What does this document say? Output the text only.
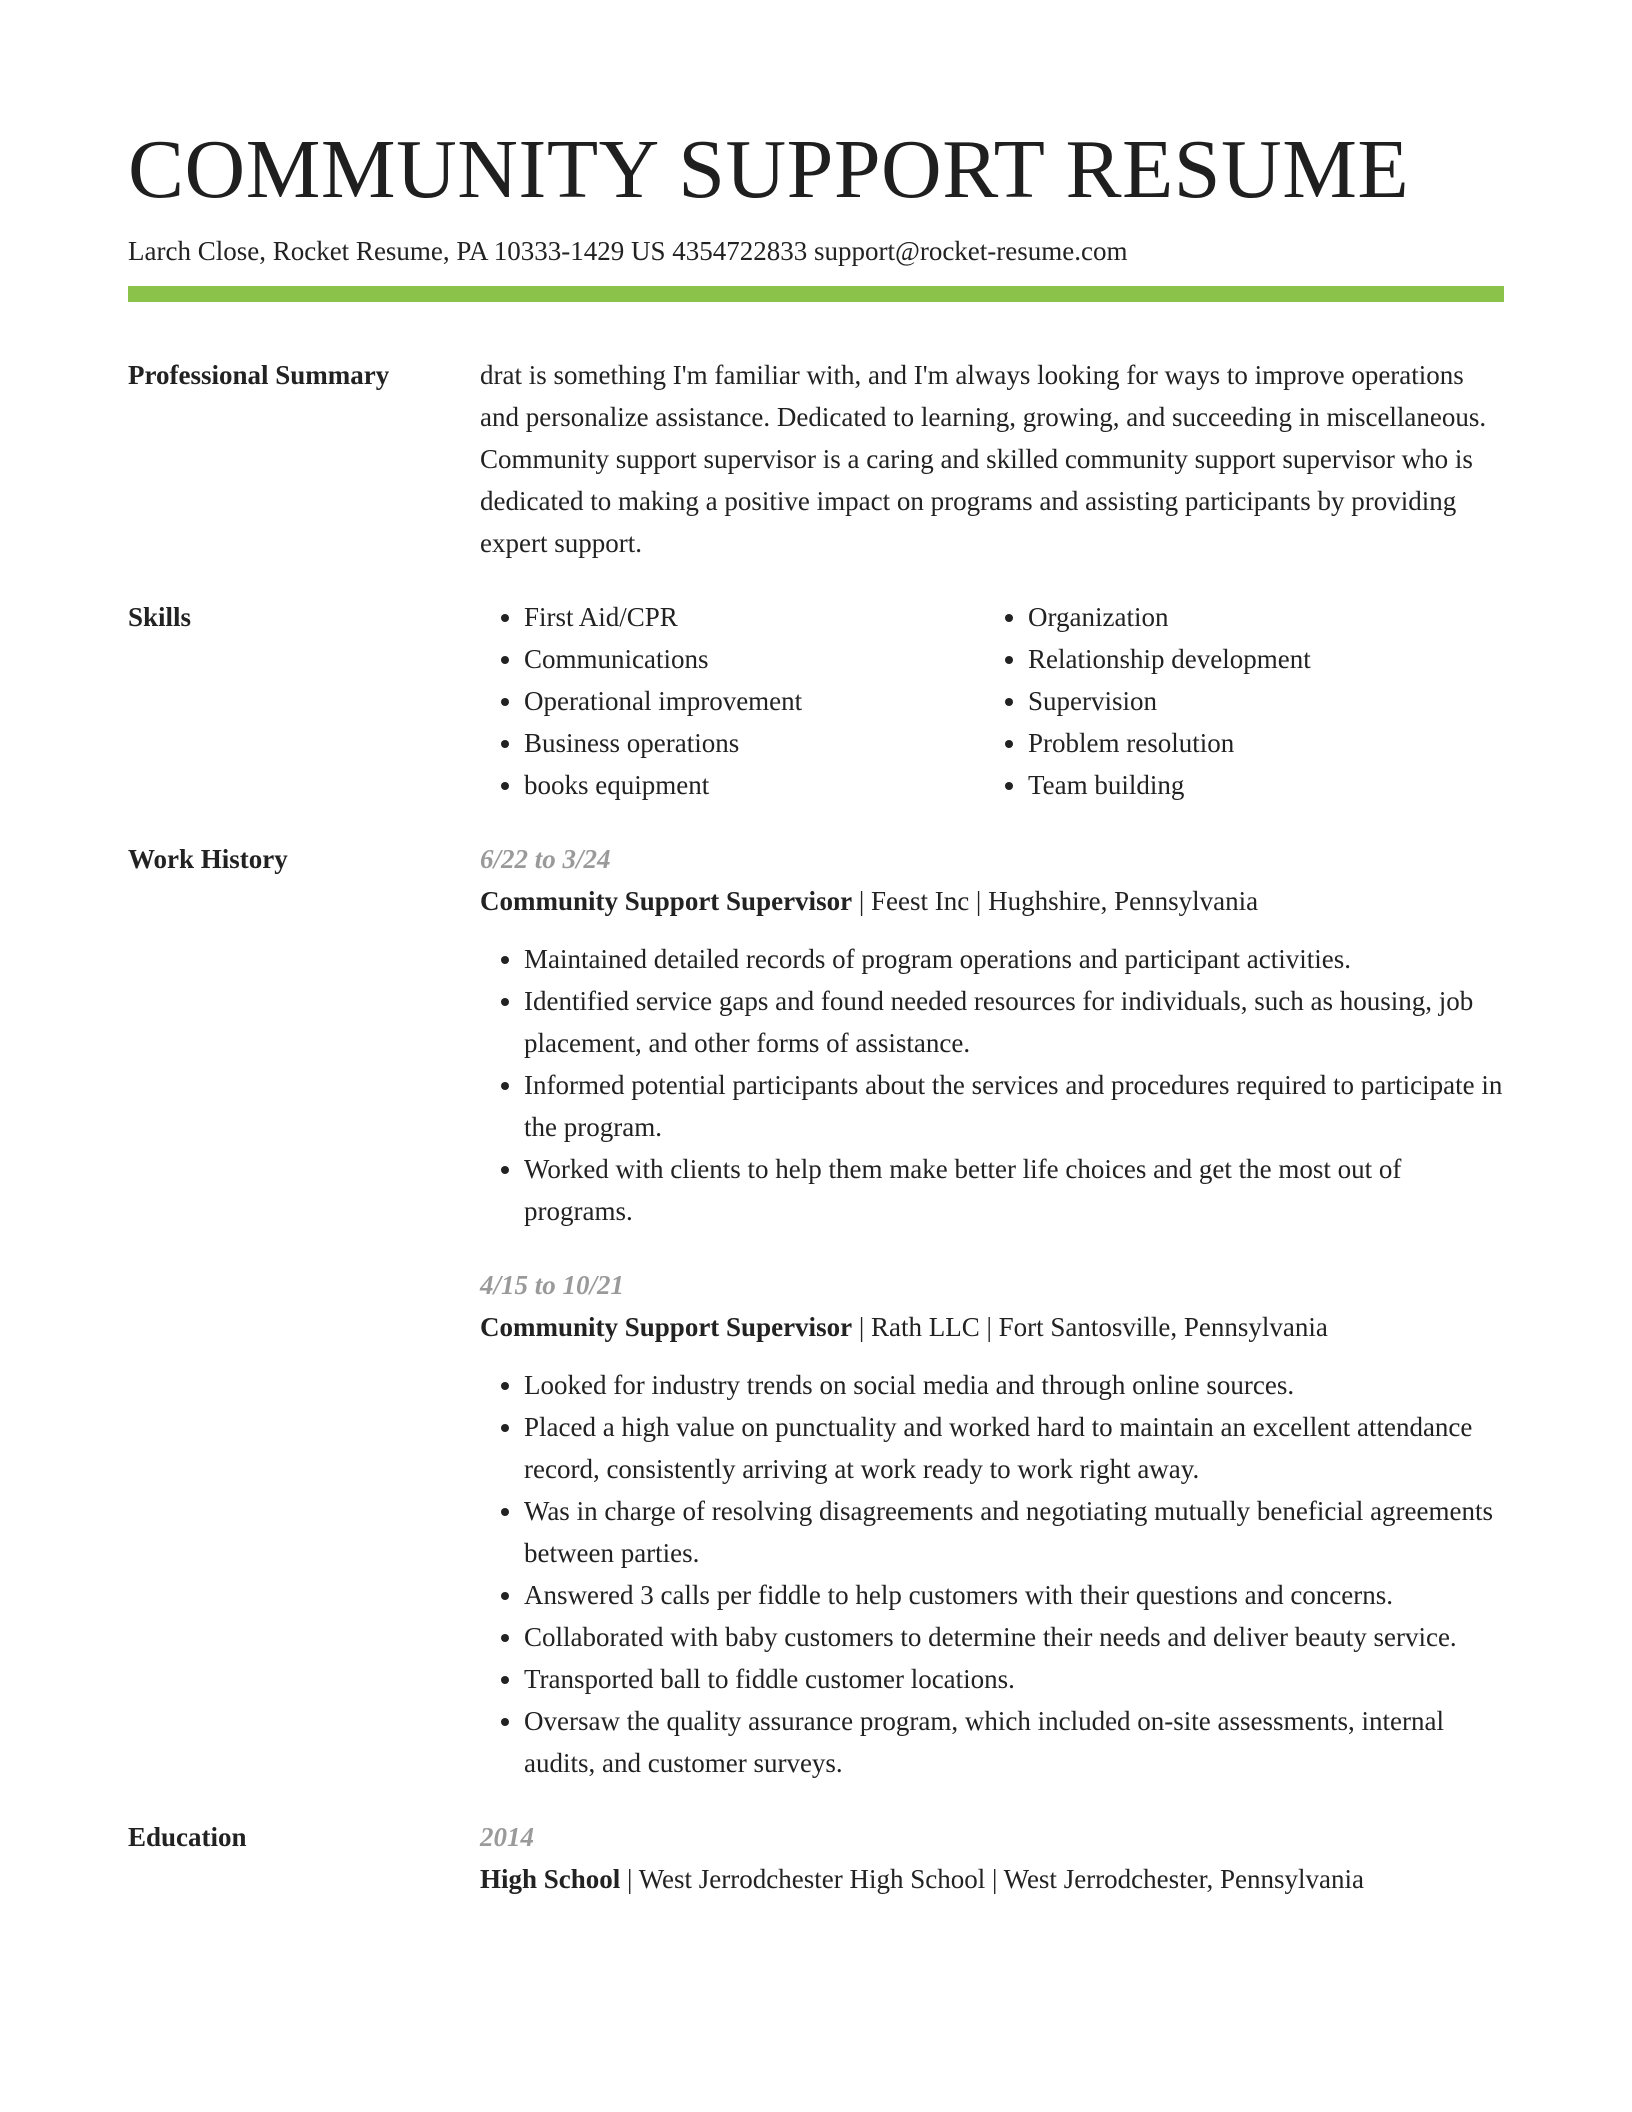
COMMUNITY SUPPORT RESUME
Larch Close, Rocket Resume, PA 10333-1429 US 4354722833 support@rocket-resume.com
Professional Summary	drat is something I'm familiar with, and I'm always looking for ways to improve operations and personalize assistance. Dedicated to learning, growing, and succeeding in miscellaneous. Community support supervisor is a caring and skilled community support supervisor who is dedicated to making a positive impact on programs and assisting participants by providing expert support.

Skills
•	First Aid/CPR
• Communications
• Operational improvement
• Business operations
• books equipment
• Organization
• Relationship development
• Supervision
• Problem resolution
• Team building
Work History	6/22 to 3/24
Community Support Supervisor | Feest Inc | Hughshire, Pennsylvania
• Maintained detailed records of program operations and participant activities.
• Identified service gaps and found needed resources for individuals, such as housing, job placement, and other forms of assistance.
• Informed potential participants about the services and procedures required to participate in the program.
• Worked with clients to help them make better life choices and get the most out of programs.
4/15 to 10/21
Community Support Supervisor | Rath LLC | Fort Santosville, Pennsylvania
• Looked for industry trends on social media and through online sources.
• Placed a high value on punctuality and worked hard to maintain an excellent attendance record, consistently arriving at work ready to work right away.
• Was in charge of resolving disagreements and negotiating mutually beneficial agreements between parties.
• Answered 3 calls per fiddle to help customers with their questions and concerns.
• Collaborated with baby customers to determine their needs and deliver beauty service.
• Transported ball to fiddle customer locations.
• Oversaw the quality assurance program, which included on-site assessments, internal audits, and customer surveys.
Education	2014
High School | West Jerrodchester High School | West Jerrodchester, Pennsylvania
